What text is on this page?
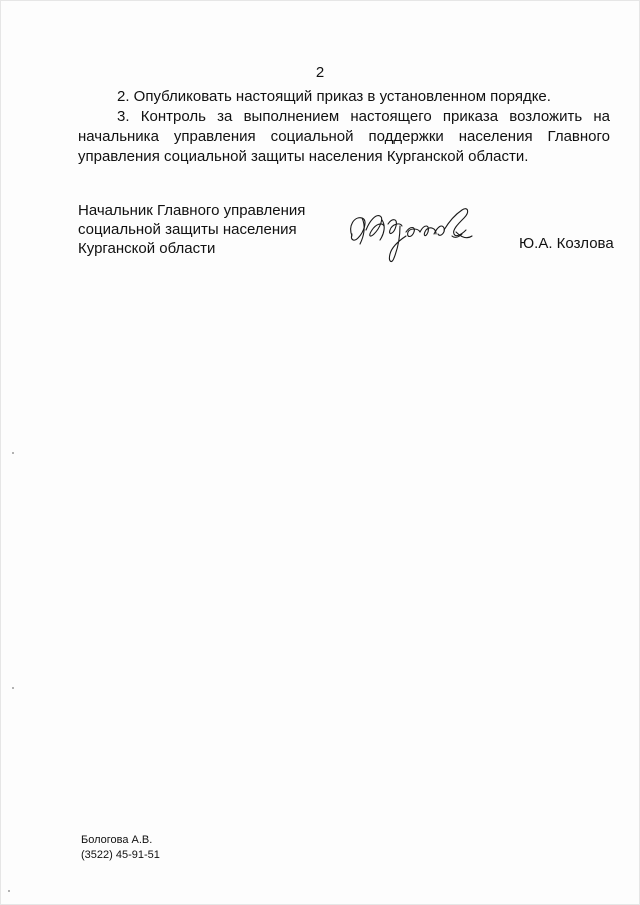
2

2. Опубликовать настоящий приказ в установленном порядке.

3. Контроль за выполнением настоящего приказа возложить на начальника управления социальной поддержки населения Главного управления социальной защиты населения Курганской области.

Начальник Главного управления
социальной защиты населения
Курганской области	Ю.А. Козлова
Бологова А.В.
(3522) 45-91-51
